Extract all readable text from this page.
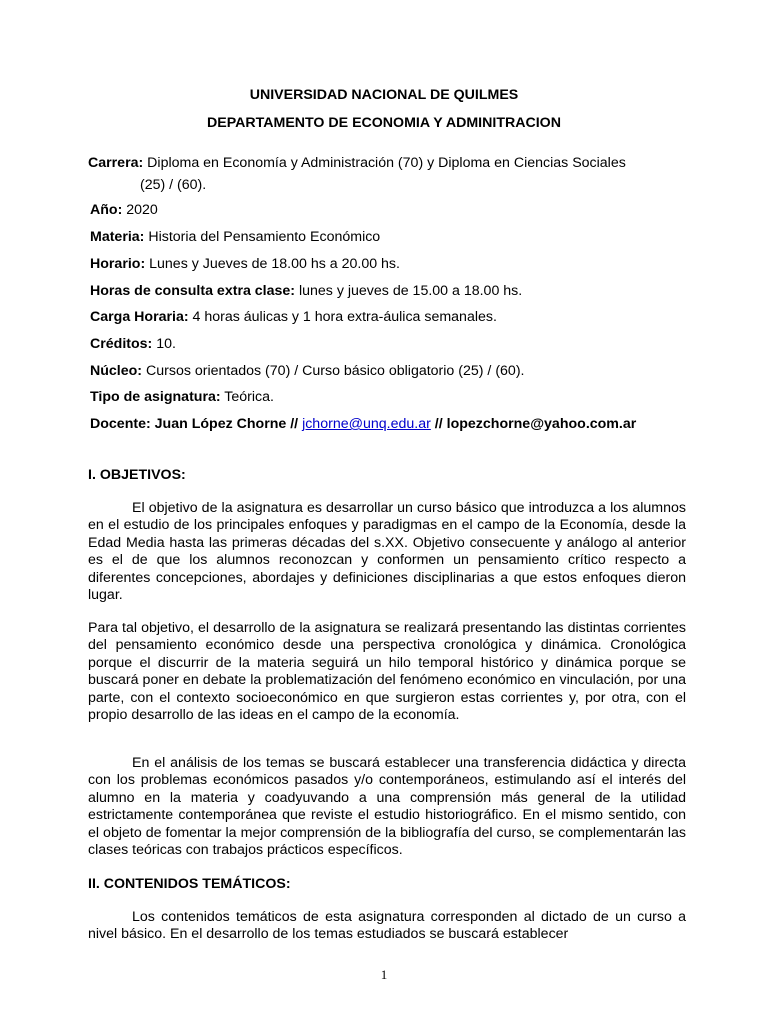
UNIVERSIDAD NACIONAL DE QUILMES
DEPARTAMENTO DE ECONOMIA Y ADMINITRACION
Carrera: Diploma en Economía y Administración (70) y Diploma en Ciencias Sociales
(25) / (60).
Año: 2020
Materia: Historia del Pensamiento Económico
Horario: Lunes y Jueves de 18.00 hs a 20.00 hs.
Horas de consulta extra clase: lunes y jueves de 15.00 a 18.00 hs.
Carga Horaria: 4 horas áulicas y 1 hora extra-áulica semanales.
Créditos: 10.
Núcleo: Cursos orientados (70) / Curso básico obligatorio (25) / (60).
Tipo de asignatura: Teórica.
Docente: Juan López Chorne // jchorne@unq.edu.ar // lopezchorne@yahoo.com.ar
I. OBJETIVOS:

El objetivo de la asignatura es desarrollar un curso básico que introduzca a los alumnos en el estudio de los principales enfoques y paradigmas en el campo de la Economía, desde la Edad Media hasta las primeras décadas del s.XX. Objetivo consecuente y análogo al anterior es el de que los alumnos reconozcan y conformen un pensamiento crítico respecto a diferentes concepciones, abordajes y definiciones disciplinarias a que estos enfoques dieron lugar.

Para tal objetivo, el desarrollo de la asignatura se realizará presentando las distintas corrientes del pensamiento económico desde una perspectiva cronológica y dinámica. Cronológica porque el discurrir de la materia seguirá un hilo temporal histórico y dinámica porque se buscará poner en debate la problematización del fenómeno económico en vinculación, por una parte, con el contexto socioeconómico en que surgieron estas corrientes y, por otra, con el propio desarrollo de las ideas en el campo de la economía.

En el análisis de los temas se buscará establecer una transferencia didáctica y directa con los problemas económicos pasados y/o contemporáneos, estimulando así el interés del alumno en la materia y coadyuvando a una comprensión más general de la utilidad estrictamente contemporánea que reviste el estudio historiográfico. En el mismo sentido, con el objeto de fomentar la mejor comprensión de la bibliografía del curso, se complementarán las clases teóricas con trabajos prácticos específicos.

II. CONTENIDOS TEMÁTICOS:

Los contenidos temáticos de esta asignatura corresponden al dictado de un curso a nivel básico. En el desarrollo de los temas estudiados se buscará establecer

1
